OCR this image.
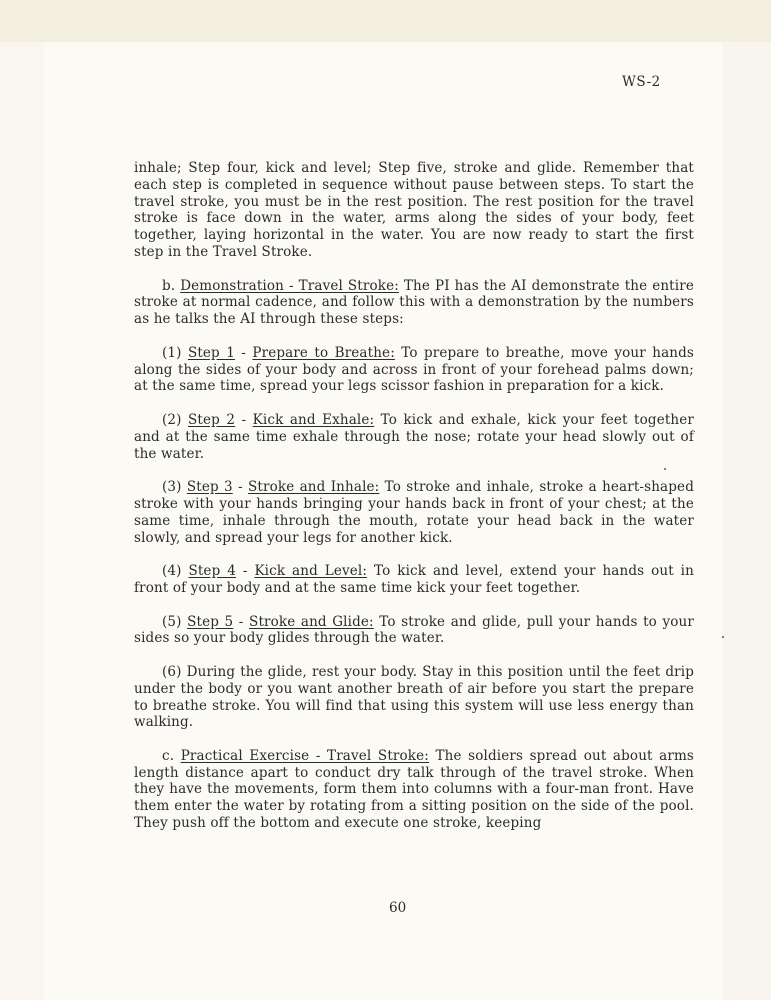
WS-2

inhale; Step four, kick and level; Step five, stroke and glide. Remember that each step is completed in sequence without pause between steps. To start the travel stroke, you must be in the rest position. The rest position for the travel stroke is face down in the water, arms along the sides of your body, feet together, laying horizontal in the water. You are now ready to start the first step in the Travel Stroke.

b. Demonstration - Travel Stroke: The PI has the AI demonstrate the entire stroke at normal cadence, and follow this with a demonstration by the numbers as he talks the AI through these steps:

(1) Step 1 - Prepare to Breathe: To prepare to breathe, move your hands along the sides of your body and across in front of your forehead palms down; at the same time, spread your legs scissor fashion in preparation for a kick.

(2) Step 2 - Kick and Exhale: To kick and exhale, kick your feet together and at the same time exhale through the nose; rotate your head slowly out of the water.

(3) Step 3 - Stroke and Inhale: To stroke and inhale, stroke a heart-shaped stroke with your hands bringing your hands back in front of your chest; at the same time, inhale through the mouth, rotate your head back in the water slowly, and spread your legs for another kick.

(4) Step 4 - Kick and Level: To kick and level, extend your hands out in front of your body and at the same time kick your feet together.

(5) Step 5 - Stroke and Glide: To stroke and glide, pull your hands to your sides so your body glides through the water.

(6) During the glide, rest your body. Stay in this position until the feet drip under the body or you want another breath of air before you start the prepare to breathe stroke. You will find that using this system will use less energy than walking.

c. Practical Exercise - Travel Stroke: The soldiers spread out about arms length distance apart to conduct dry talk through of the travel stroke. When they have the movements, form them into columns with a four-man front. Have them enter the water by rotating from a sitting position on the side of the pool. They push off the bottom and execute one stroke, keeping

60
